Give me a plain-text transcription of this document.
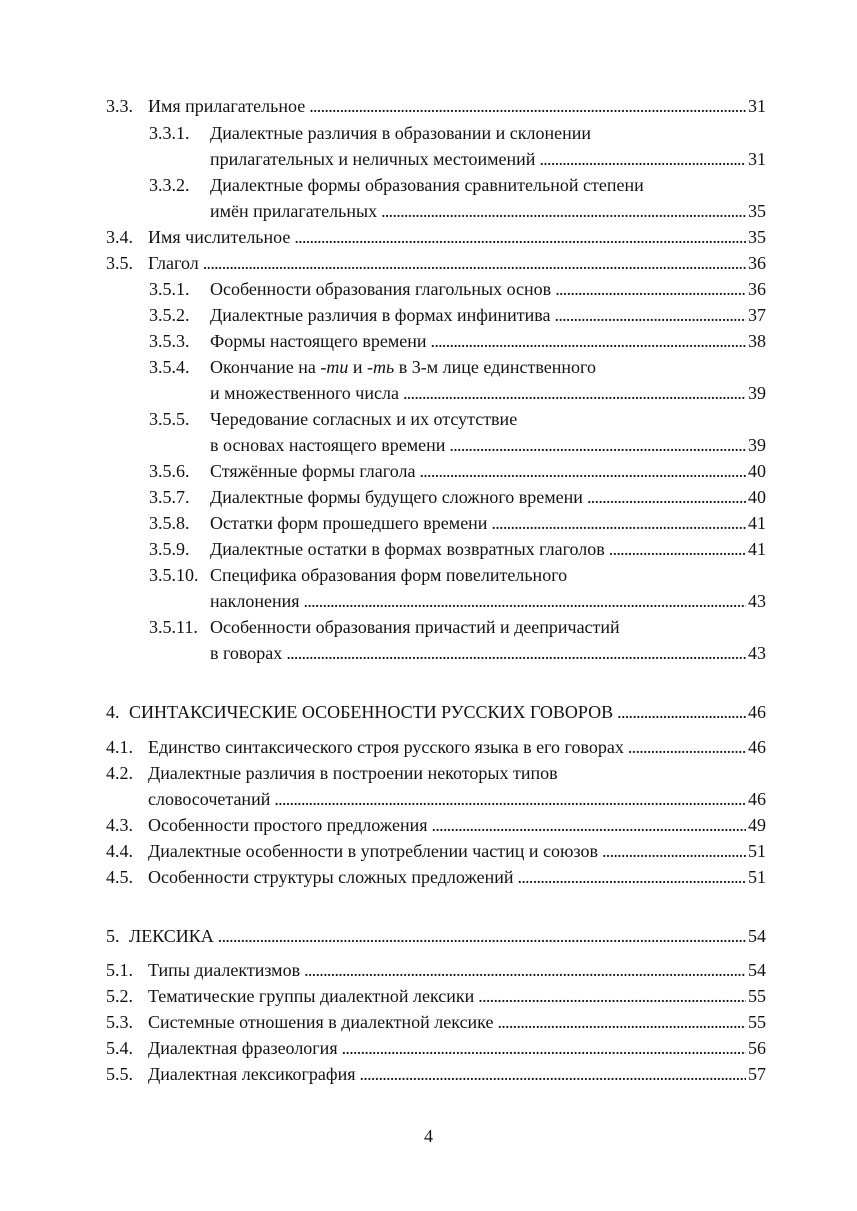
3.3. Имя прилагательное . . .	31
3.3.1. Диалектные различия в образовании и склонении
прилагательных и неличных местоимений . . .	31
3.3.2. Диалектные формы образования сравнительной степени
имён прилагательных . . .	35
3.4. Имя числительное . . .	35
3.5. Глагол . . .	36
3.5.1. Особенности образования глагольных основ . . .	36
3.5.2. Диалектные различия в формах инфинитива . . .	37
3.5.3. Формы настоящего времени . . .	38
3.5.4. Окончание на -ти и -ть в 3-м лице единственного
и множественного числа . . .	39
3.5.5. Чередование согласных и их отсутствие
в основах настоящего времени . . .	39
3.5.6. Стяжённые формы глагола . . .	40
3.5.7. Диалектные формы будущего сложного времени . . .	40
3.5.8. Остатки форм прошедшего времени . . .	41
3.5.9. Диалектные остатки в формах возвратных глаголов . . .	41
3.5.10. Специфика образования форм повелительного
наклонения . . .	43
3.5.11. Особенности образования причастий и деепричастий
в говорах . . .	43
4. СИНТАКСИЧЕСКИЕ ОСОБЕННОСТИ РУССКИХ ГОВОРОВ . . .	46
4.1. Единство синтаксического строя русского языка в его говорах . . .	46
4.2. Диалектные различия в построении некоторых типов
словосочетаний . . .	46
4.3. Особенности простого предложения . . .	49
4.4. Диалектные особенности в употреблении частиц и союзов . . .	51
4.5. Особенности структуры сложных предложений . . .	51
5. ЛЕКСИКА . . .	54
5.1. Типы диалектизмов . . .	54
5.2. Тематические группы диалектной лексики . . .	55
5.3. Системные отношения в диалектной лексике . . .	55
5.4. Диалектная фразеология . . .	56
5.5. Диалектная лексикография . . .	57
4
